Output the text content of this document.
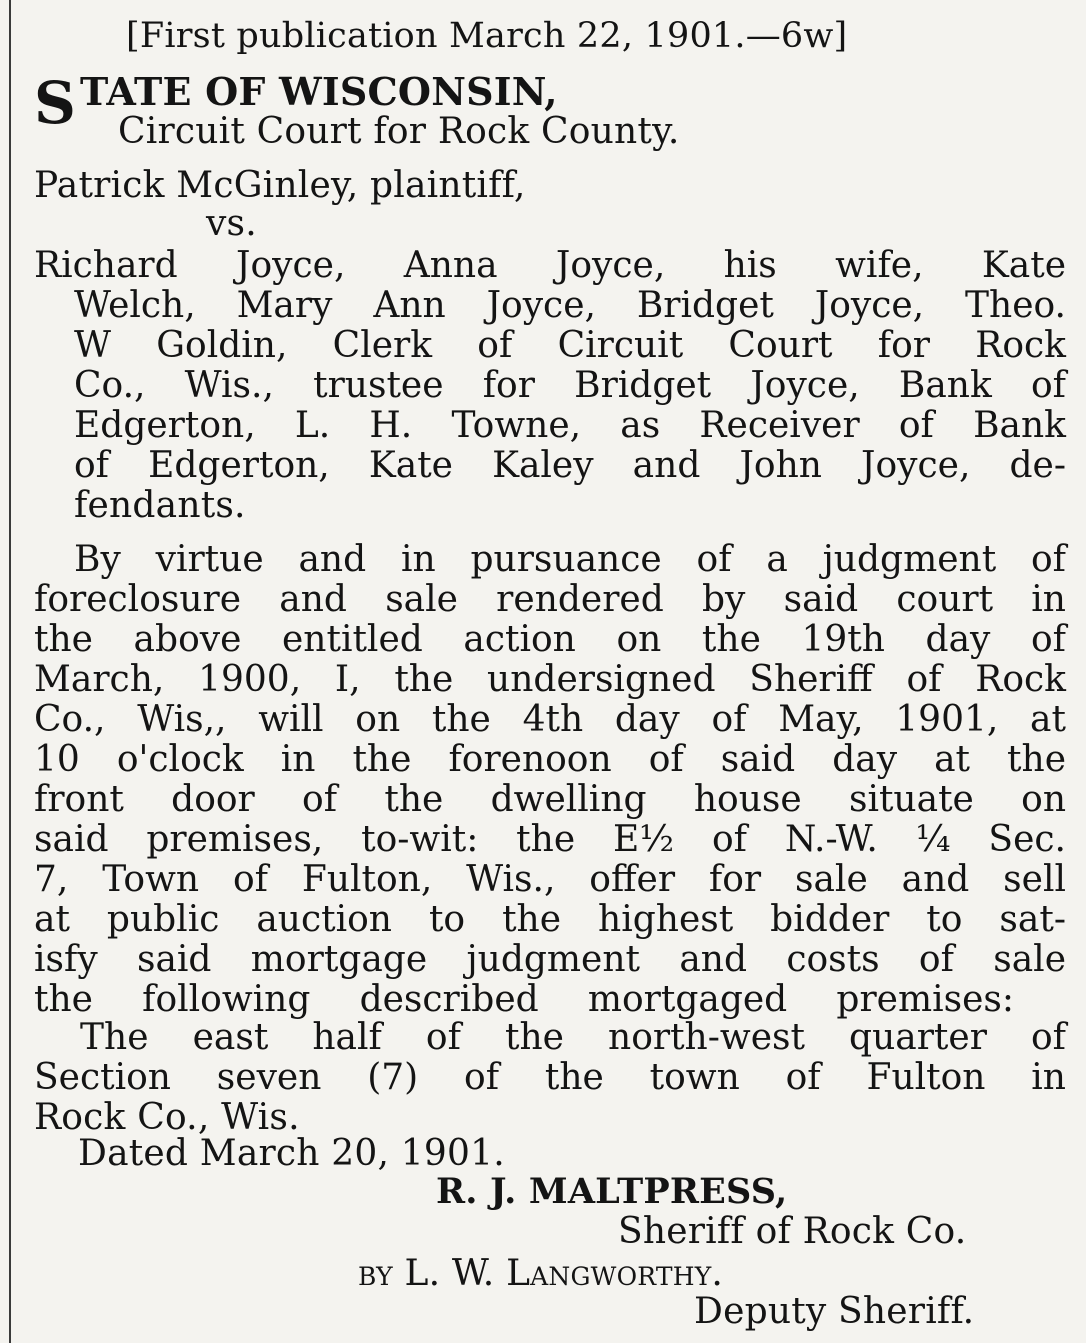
[First publication March 22, 1901.—6w]
S TATE OF WISCONSIN,
Circuit Court for Rock County.
Patrick McGinley, plaintiff,
vs.
Richard Joyce, Anna Joyce, his wife, Kate
Welch, Mary Ann Joyce, Bridget Joyce, Theo.
W Goldin, Clerk of Circuit Court for Rock
Co., Wis., trustee for Bridget Joyce, Bank of
Edgerton, L. H. Towne, as Receiver of Bank
of Edgerton, Kate Kaley and John Joyce, de-
fendants.
By virtue and in pursuance of a judgment of
foreclosure and sale rendered by said court in
the above entitled action on the 19th day of
March, 1900, I, the undersigned Sheriff of Rock
Co., Wis,, will on the 4th day of May, 1901, at
10 o'clock in the forenoon of said day at the
front door of the dwelling house situate on
said premises, to-wit: the E½ of N.-W. ¼ Sec.
7, Town of Fulton, Wis., offer for sale and sell
at public auction to the highest bidder to sat-
isfy said mortgage judgment and costs of sale
the following described mortgaged premises:
The east half of the north-west quarter of
Section seven (7) of the town of Fulton in
Rock Co., Wis.
Dated March 20, 1901.
R. J. MALTPRESS,
Sheriff of Rock Co.
by L. W. Langworthy.
Deputy Sheriff.
